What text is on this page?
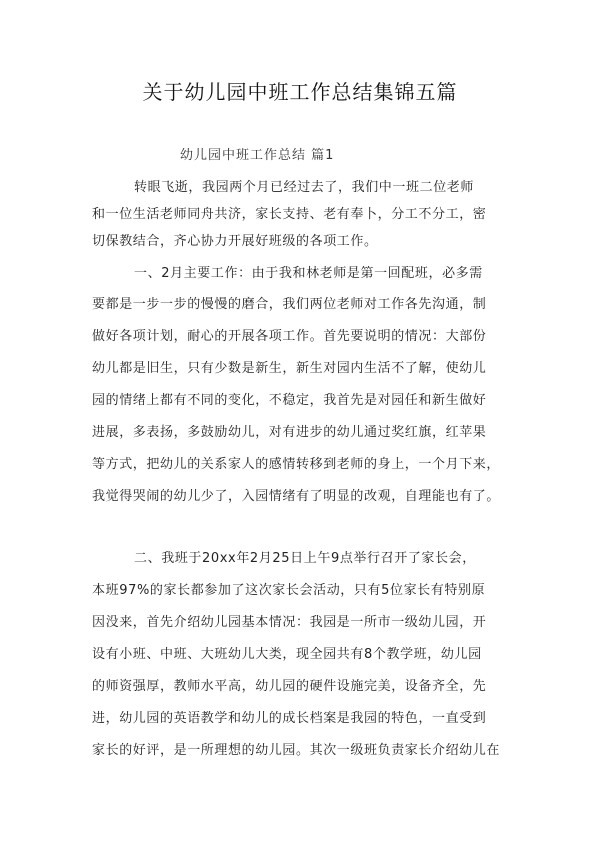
关于幼儿园中班工作总结集锦五篇
幼儿园中班工作总结 篇1
转眼飞逝，我园两个月已经过去了，我们中一班二位老师
和一位生活老师同舟共济，家长支持、老有奉卜，分工不分工，密
切保教结合，齐心协力开展好班级的各项工作。
一、2月主要工作：由于我和林老师是第一回配班，必多需
要都是一步一步的慢慢的磨合，我们两位老师对工作各先沟通，制
做好各项计划，耐心的开展各项工作。首先要说明的情况：大部份
幼儿都是旧生，只有少数是新生，新生对园内生活不了解，使幼儿
园的情绪上都有不同的变化，不稳定，我首先是对园任和新生做好
进展，多表扬，多鼓励幼儿，对有进步的幼儿通过奖红旗，红苹果
等方式，把幼儿的关系家人的感情转移到老师的身上，一个月下来，
我觉得哭闹的幼儿少了，入园情绪有了明显的改观，自理能也有了。
二、我班于20xx年2月25日上午9点举行召开了家长会，
本班97%的家长都参加了这次家长会活动，只有5位家长有特别原
因没来，首先介绍幼儿园基本情况：我园是一所市一级幼儿园，开
设有小班、中班、大班幼儿大类，现全园共有8个教学班，幼儿园
的师资强厚，教师水平高，幼儿园的硬件设施完美，设备齐全，先
进，幼儿园的英语教学和幼儿的成长档案是我园的特色，一直受到
家长的好评，是一所理想的幼儿园。其次一级班负责家长介绍幼儿在
